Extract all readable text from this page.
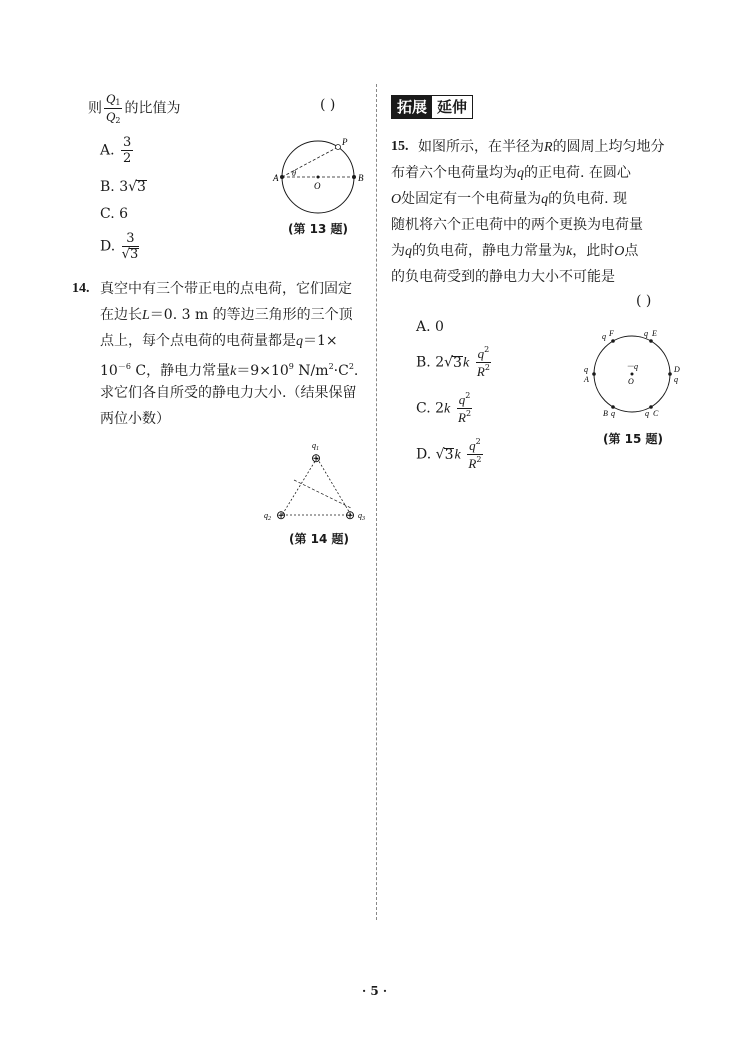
则 $\frac{Q_1}{Q_2}$ 的比值为	( )
A. $\frac{3}{2}$
B. 3√3
C. 6
D. $\frac{3}{√3}$
A	B
O
P
θ
(第 13 题)
14. 真空中有三个带正电的点电荷，它们固定
在边长L＝0. 3 m 的等边三角形的三个顶
点上，每个点电荷的电荷量都是q＝1×
$10^{-6}$ C，静电力常量$k=9\times 10^9$ $N/m^2\cdot C^2$.
求它们各自所受的静电力大小.（结果保留
两位小数）
⊕
⊕	⊕
$q_1$
$q_2$	$q_3$
(第 14 题)
拓展 延伸
15. 如图所示，在半径为R的圆周上均匀地分
布着六个电荷量均为q的正电荷. 在圆心
O处固定有一个电荷量为q的负电荷. 现
随机将六个正电荷中的两个更换为电荷量
为q的负电荷，静电力常量为k，此时O点
的负电荷受到的静电力大小不可能是
( )
A. 0
B. $2√3k \frac{q^2}{R^2}$
C. $2k \frac{q^2}{R^2}$
D. $√3k \frac{q^2}{R^2}$
q F	q E
q
A
D
q
B q	q C
－q
O
(第 15 题)
· 5 ·
